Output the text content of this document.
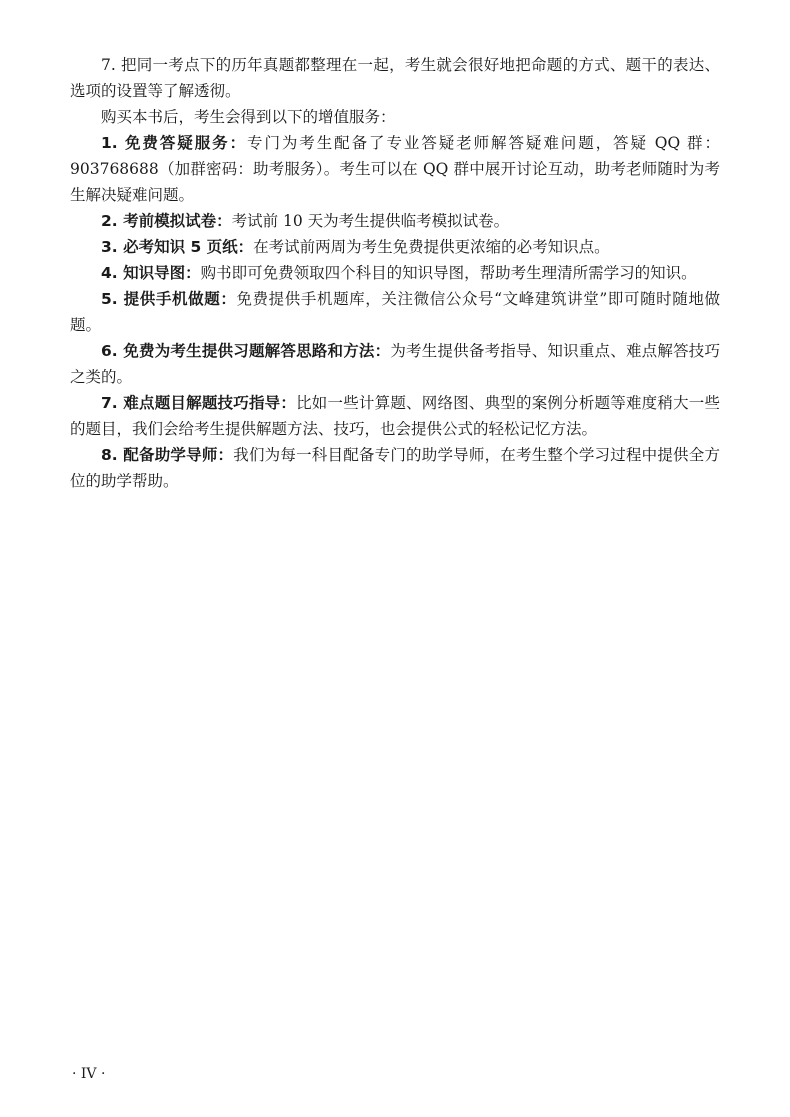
7. 把同一考点下的历年真题都整理在一起，考生就会很好地把命题的方式、题干的表达、选项的设置等了解透彻。

购买本书后，考生会得到以下的增值服务：

1. 免费答疑服务：专门为考生配备了专业答疑老师解答疑难问题，答疑 QQ 群：903768688（加群密码：助考服务）。考生可以在 QQ 群中展开讨论互动，助考老师随时为考生解决疑难问题。

2. 考前模拟试卷：考试前 10 天为考生提供临考模拟试卷。

3. 必考知识 5 页纸：在考试前两周为考生免费提供更浓缩的必考知识点。

4. 知识导图：购书即可免费领取四个科目的知识导图，帮助考生理清所需学习的知识。

5. 提供手机做题：免费提供手机题库，关注微信公众号“文峰建筑讲堂”即可随时随地做题。

6. 免费为考生提供习题解答思路和方法：为考生提供备考指导、知识重点、难点解答技巧之类的。

7. 难点题目解题技巧指导：比如一些计算题、网络图、典型的案例分析题等难度稍大一些的题目，我们会给考生提供解题方法、技巧，也会提供公式的轻松记忆方法。

8. 配备助学导师：我们为每一科目配备专门的助学导师，在考生整个学习过程中提供全方位的助学帮助。

· IV ·
